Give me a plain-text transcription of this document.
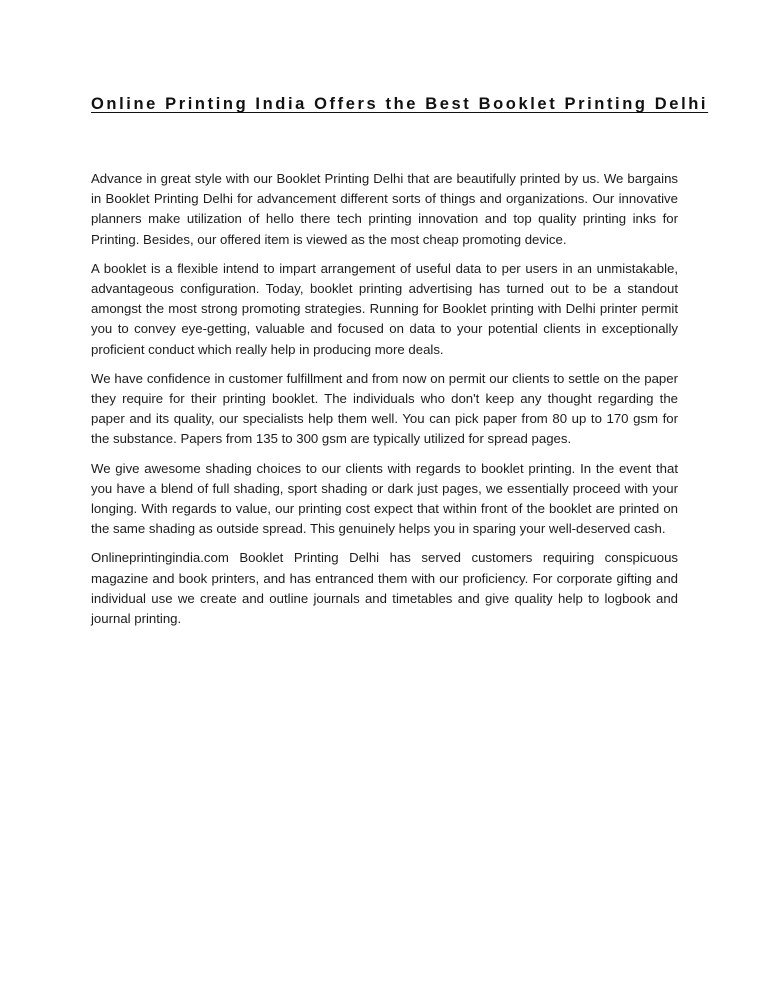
Online Printing India Offers the Best Booklet Printing Delhi

Advance in great style with our Booklet Printing Delhi that are beautifully printed by us. We bargains in Booklet Printing Delhi for advancement different sorts of things and organizations. Our innovative planners make utilization of hello there tech printing innovation and top quality printing inks for Printing. Besides, our offered item is viewed as the most cheap promoting device.

A booklet is a flexible intend to impart arrangement of useful data to per users in an unmistakable, advantageous configuration. Today, booklet printing advertising has turned out to be a standout amongst the most strong promoting strategies. Running for Booklet printing with Delhi printer permit you to convey eye-getting, valuable and focused on data to your potential clients in exceptionally proficient conduct which really help in producing more deals.

We have confidence in customer fulfillment and from now on permit our clients to settle on the paper they require for their printing booklet. The individuals who don't keep any thought regarding the paper and its quality, our specialists help them well. You can pick paper from 80 up to 170 gsm for the substance. Papers from 135 to 300 gsm are typically utilized for spread pages.

We give awesome shading choices to our clients with regards to booklet printing. In the event that you have a blend of full shading, sport shading or dark just pages, we essentially proceed with your longing. With regards to value, our printing cost expect that within front of the booklet are printed on the same shading as outside spread. This genuinely helps you in sparing your well-deserved cash.

Onlineprintingindia.com Booklet Printing Delhi has served customers requiring conspicuous magazine and book printers, and has entranced them with our proficiency. For corporate gifting and individual use we create and outline journals and timetables and give quality help to logbook and journal printing.
